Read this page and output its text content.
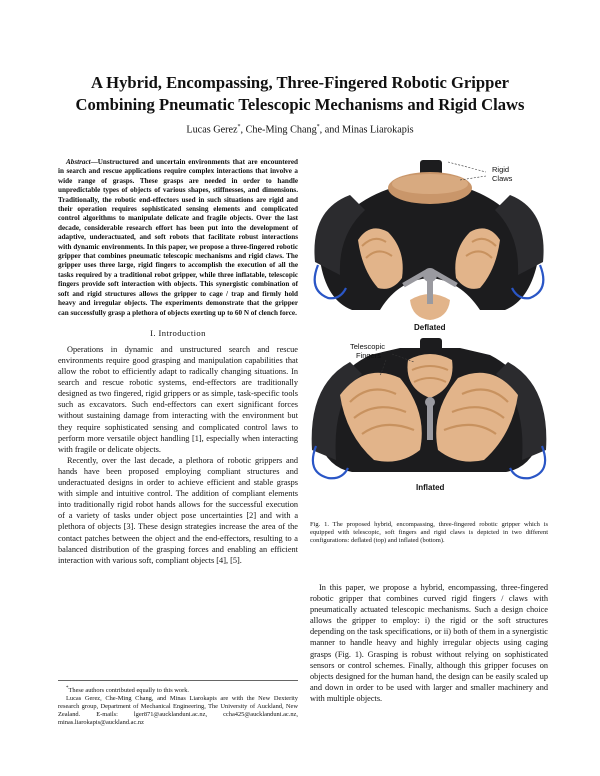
A Hybrid, Encompassing, Three-Fingered Robotic Gripper
Combining Pneumatic Telescopic Mechanisms and Rigid Claws
Lucas Gerez*, Che-Ming Chang*, and Minas Liarokapis

Abstract—Unstructured and uncertain environments that are encountered in search and rescue applications require complex interactions that involve a wide range of grasps. These grasps are needed in order to handle unpredictable types of objects of various shapes, stiffnesses, and dimensions. Traditionally, the robotic end-effectors used in such situations are rigid and their operation requires sophisticated sensing elements and complicated control algorithms to manipulate delicate and fragile objects. Over the last decade, considerable research effort has been put into the development of adaptive, underactuated, and soft robots that facilitate robust interactions with dynamic environments. In this paper, we propose a three-fingered robotic gripper that combines pneumatic telescopic mechanisms and rigid claws. The gripper uses three large, rigid fingers to accomplish the execution of all the tasks required by a traditional robot gripper, while three inflatable, telescopic fingers provide soft interaction with objects. This synergistic combination of soft and rigid structures allows the gripper to cage / trap and firmly hold heavy and irregular objects. The experiments demonstrate that the gripper can successfully grasp a plethora of objects exerting up to 60 N of clench force.

I. Introduction

Operations in dynamic and unstructured search and rescue environments require good grasping and manipulation capabilities that allow the robot to efficiently adapt to radically changing situations. In search and rescue robotic systems, end-effectors are traditionally designed as two fingered, rigid grippers or as simple, task-specific tools such as excavators. Such end-effectors can exert significant forces without sustaining damage from interacting with the environment but they require sophisticated sensing and complicated control laws to perform more versatile object handling [1], especially when interacting with fragile or delicate objects.

Recently, over the last decade, a plethora of robotic grippers and hands have been proposed employing compliant structures and underactuated designs in order to achieve efficient and stable grasps with simple and intuitive control. The addition of compliant elements into traditionally rigid robot hands allows for the successful execution of a variety of tasks under object pose uncertainties [2] and with a plethora of objects [3]. These design strategies increase the area of the contact patches between the object and the end-effectors, resulting to a balanced distribution of the grasping forces and enabling an efficient interaction with various soft, compliant objects [4], [5].

*These authors contributed equally to this work.

Lucas Gerez, Che-Ming Chang, and Minas Liarokapis are with the New Dexterity research group, Department of Mechanical Engineering, The University of Auckland, New Zealand. E-mails: lger871@aucklanduni.ac.nz, ccha425@aucklanduni.ac.nz, minas.liarokapis@auckland.ac.nz

Rigid
Claws
Deflated
Telescopic
Fingers
Inflated

Fig. 1. The proposed hybrid, encompassing, three-fingered robotic gripper which is equipped with telescopic, soft fingers and rigid claws is depicted in two different configurations: deflated (top) and inflated (bottom).

In this paper, we propose a hybrid, encompassing, three-fingered robotic gripper that combines curved rigid fingers / claws with pneumatically actuated telescopic mechanisms. Such a design choice allows the gripper to employ: i) the rigid or the soft structures depending on the task specifications, or ii) both of them in a synergistic manner to handle heavy and highly irregular objects using caging grasps (Fig. 1). Grasping is robust without relying on sophisticated sensors or control schemes. Finally, although this gripper focuses on objects designed for the human hand, the design can be easily scaled up and down in order to be used with larger and smaller machinery and with multiple objects.
